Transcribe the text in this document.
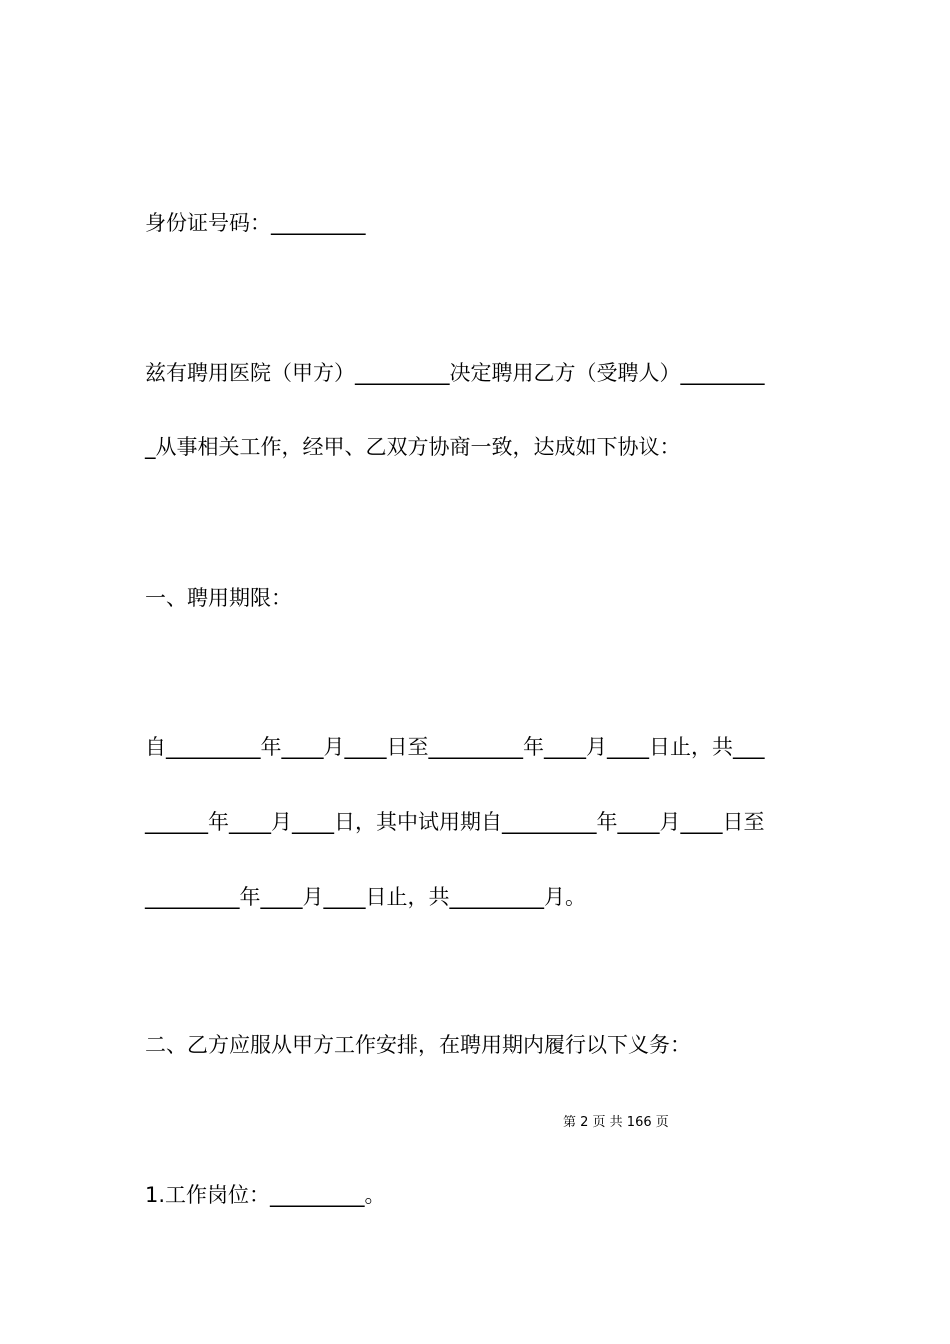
身份证号码：_________
兹有聘用医院（甲方）_________决定聘用乙方（受聘人）________
_从事相关工作，经甲、乙双方协商一致，达成如下协议：
一、聘用期限：
自_________年____月____日至_________年____月____日止，共___
______年____月____日，其中试用期自_________年____月____日至
_________年____月____日止，共_________月。
二、乙方应服从甲方工作安排，在聘用期内履行以下义务：
第 2 页 共 166 页
1.工作岗位：_________。
